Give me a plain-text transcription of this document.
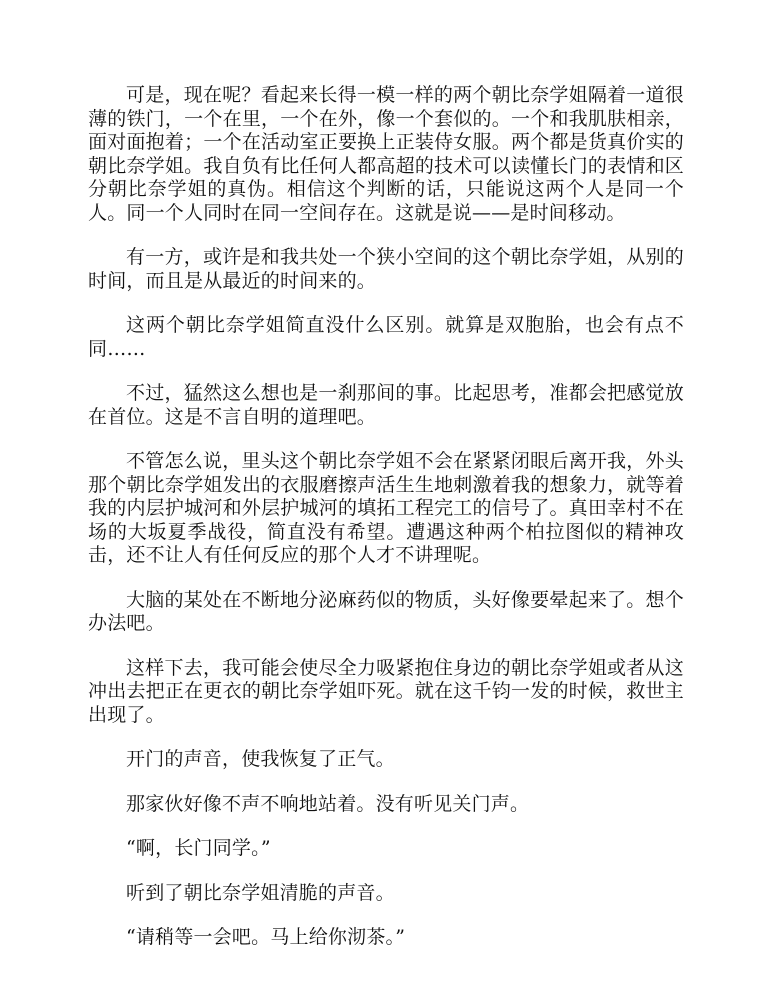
可是，现在呢？看起来长得一模一样的两个朝比奈学姐隔着一道很薄的铁门，一个在里，一个在外，像一个套似的。一个和我肌肤相亲，面对面抱着；一个在活动室正要换上正装侍女服。两个都是货真价实的朝比奈学姐。我自负有比任何人都高超的技术可以读懂长门的表情和区分朝比奈学姐的真伪。相信这个判断的话，只能说这两个人是同一个人。同一个人同时在同一空间存在。这就是说——是时间移动。

有一方，或许是和我共处一个狭小空间的这个朝比奈学姐，从别的时间，而且是从最近的时间来的。

这两个朝比奈学姐简直没什么区别。就算是双胞胎，也会有点不同……

不过，猛然这么想也是一刹那间的事。比起思考，准都会把感觉放在首位。这是不言自明的道理吧。

不管怎么说，里头这个朝比奈学姐不会在紧紧闭眼后离开我，外头那个朝比奈学姐发出的衣服磨擦声活生生地刺激着我的想象力，就等着我的内层护城河和外层护城河的填拓工程完工的信号了。真田幸村不在场的大坂夏季战役，简直没有希望。遭遇这种两个柏拉图似的精神攻击，还不让人有任何反应的那个人才不讲理呢。

大脑的某处在不断地分泌麻药似的物质，头好像要晕起来了。想个办法吧。

这样下去，我可能会使尽全力吸紧抱住身边的朝比奈学姐或者从这冲出去把正在更衣的朝比奈学姐吓死。就在这千钧一发的时候，救世主出现了。

开门的声音，使我恢复了正气。

那家伙好像不声不响地站着。没有听见关门声。

“啊，长门同学。”

听到了朝比奈学姐清脆的声音。

“请稍等一会吧。马上给你沏茶。”
